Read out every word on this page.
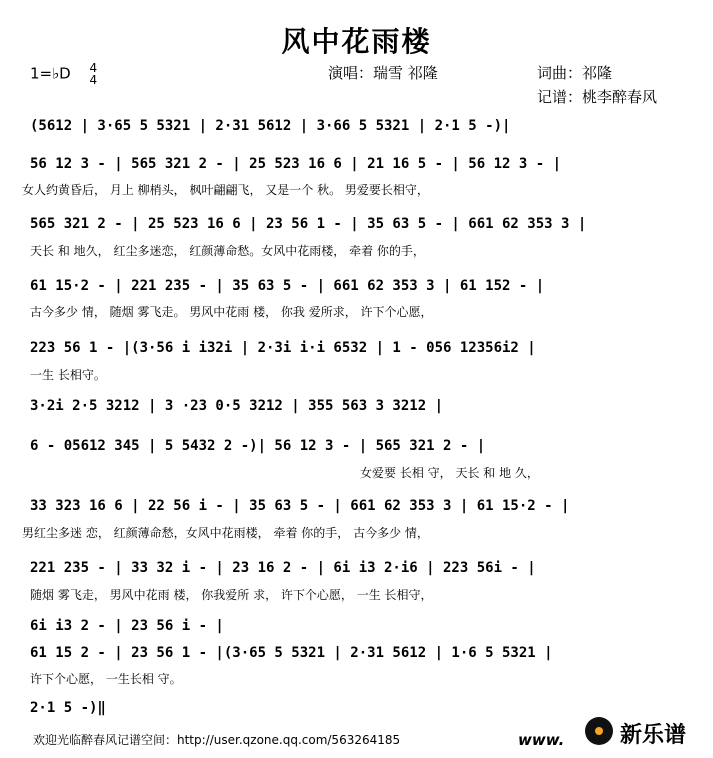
风中花雨楼
1=♭D 4
4	演唱：瑞雪 祁隆	词曲：祁隆
记谱：桃李醉春风
(5612 | 3·65 5 5321 | 2·31 5612 | 3·66 5 5321 | 2·1 5 -)|
56 12 3 - | 565 321 2 - | 25 523 16 6 | 21 16 5 - | 56 12 3 - |
女人约黄昏后， 月上 柳梢头， 枫叶翩翩飞， 又是一个 秋。 男爱要长相守，
565 321 2 - | 25 523 16 6 | 23 56 1 - | 35 63 5 - | 661 62 353 3 |
天长 和 地久， 红尘多迷恋， 红颜薄命愁。女风中花雨楼， 牵着 你的手，
61 15·2 - | 221 235 - | 35 63 5 - | 661 62 353 3 | 61 152 - |
古今多少 情， 随烟 雾飞走。 男风中花雨 楼， 你我 爱所求， 许下个心愿，
223 56 1 - |(3·56 i i32i | 2·3i i·i 6532 | 1 - 056 12356i2 |
一生 长相守。
3·2i 2·5 3212 | 3 ·23 0·5 3212 | 355 563 3 3212 |
6 - 05612 345 | 5 5432 2 -)| 56 12 3 - | 565 321 2 - |
女爱要 长相 守， 天长 和 地 久，
33 323 16 6 | 22 56 i - | 35 63 5 - | 661 62 353 3 | 61 15·2 - |
男红尘多迷 恋， 红颜薄命愁，女风中花雨楼， 牵着 你的手， 古今多少 情，
221 235 - | 33 32 i - | 23 16 2 - | 6i i3 2·i6 | 223 56i - |
随烟 雾飞走， 男风中花雨 楼， 你我爱所 求， 许下个心愿， 一生 长相守，
6i i3 2 - | 23 56 i - |
61 15 2 - | 23 56 1 - |(3·65 5 5321 | 2·31 5612 | 1·6 5 5321 |
许下个心愿， 一生长相 守。
2·1 5 -)‖
欢迎光临醉春风记谱空间：http://user.qzone.qq.com/563264185	www.	新乐谱
